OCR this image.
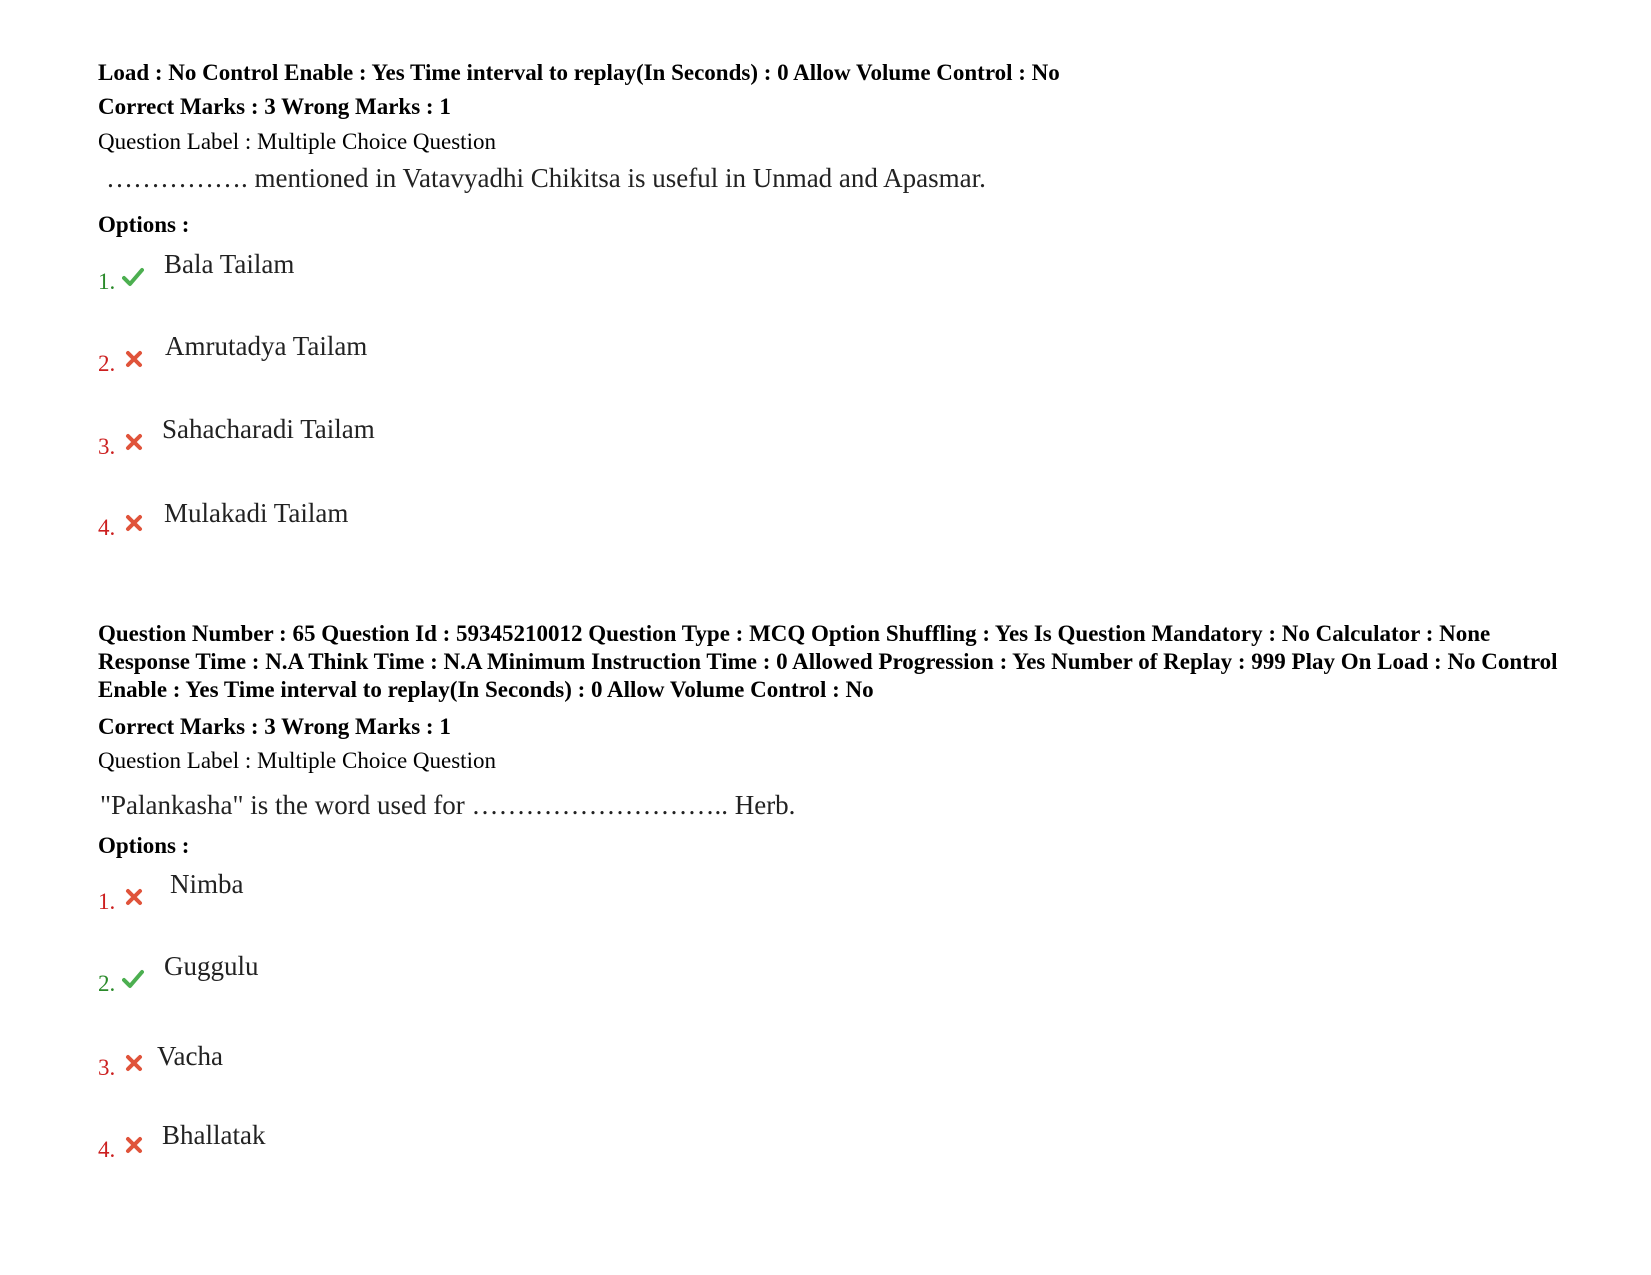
Load : No Control Enable : Yes Time interval to replay(In Seconds) : 0 Allow Volume Control : No
Correct Marks : 3 Wrong Marks : 1
Question Label : Multiple Choice Question
……………. mentioned in Vatavyadhi Chikitsa is useful in Unmad and Apasmar.
Options :
1.
Bala Tailam
2.
Amrutadya Tailam
3.
Sahacharadi Tailam
4. Mulakadi Tailam
Question Number : 65 Question Id : 59345210012 Question Type : MCQ Option Shuffling : Yes Is Question Mandatory : No Calculator : None Response Time : N.A Think Time : N.A Minimum Instruction Time : 0 Allowed Progression : Yes Number of Replay : 999 Play On Load : No Control Enable : Yes Time interval to replay(In Seconds) : 0 Allow Volume Control : No
Correct Marks : 3 Wrong Marks : 1
Question Label : Multiple Choice Question
"Palankasha" is the word used for ……………………….. Herb.
Options :
1.
Nimba
2.
Guggulu
3. Vacha
4. Bhallatak
